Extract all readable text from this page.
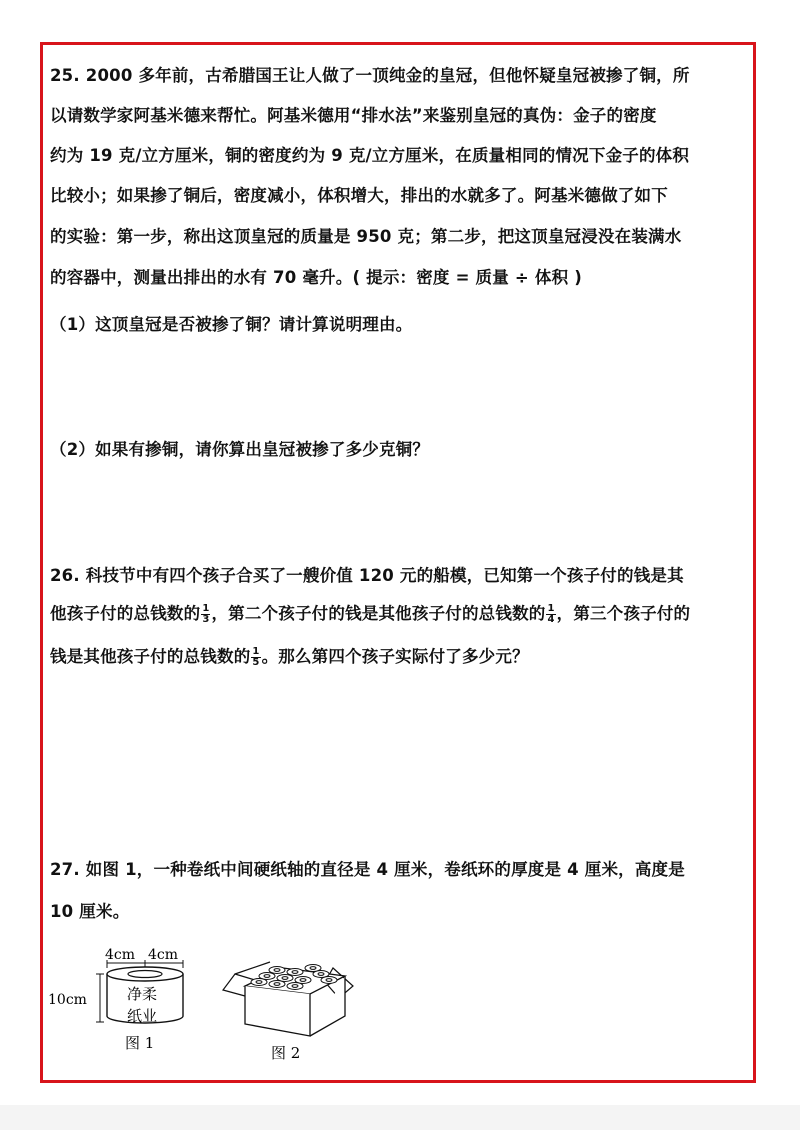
25. 2000 多年前，古希腊国王让人做了一顶纯金的皇冠，但他怀疑皇冠被掺了铜，所
以请数学家阿基米德来帮忙。阿基米德用“排水法”来鉴别皇冠的真伪：金子的密度
约为 19 克/立方厘米，铜的密度约为 9 克/立方厘米，在质量相同的情况下金子的体积
比较小；如果掺了铜后，密度减小，体积增大，排出的水就多了。阿基米德做了如下
的实验：第一步，称出这顶皇冠的质量是 950 克；第二步，把这顶皇冠浸没在装满水
的容器中，测量出排出的水有 70 毫升。( 提示：密度 = 质量 ÷ 体积 )
（1）这顶皇冠是否被掺了铜？请计算说明理由。
（2）如果有掺铜，请你算出皇冠被掺了多少克铜？
26. 科技节中有四个孩子合买了一艘价值 120 元的船模，已知第一个孩子付的钱是其
他孩子付的总钱数的 $\frac{1}{3}$ ，第二个孩子付的钱是其他孩子付的总钱数的 $\frac{1}{4}$ ，第三个孩子付的
钱是其他孩子付的总钱数的 $\frac{1}{5}$ 。那么第四个孩子实际付了多少元？
27. 如图 1，一种卷纸中间硬纸轴的直径是 4 厘米，卷纸环的厚度是 4 厘米，高度是
10 厘米。
4cm 4cm
10cm	净柔
纸业
图 1
图 2
